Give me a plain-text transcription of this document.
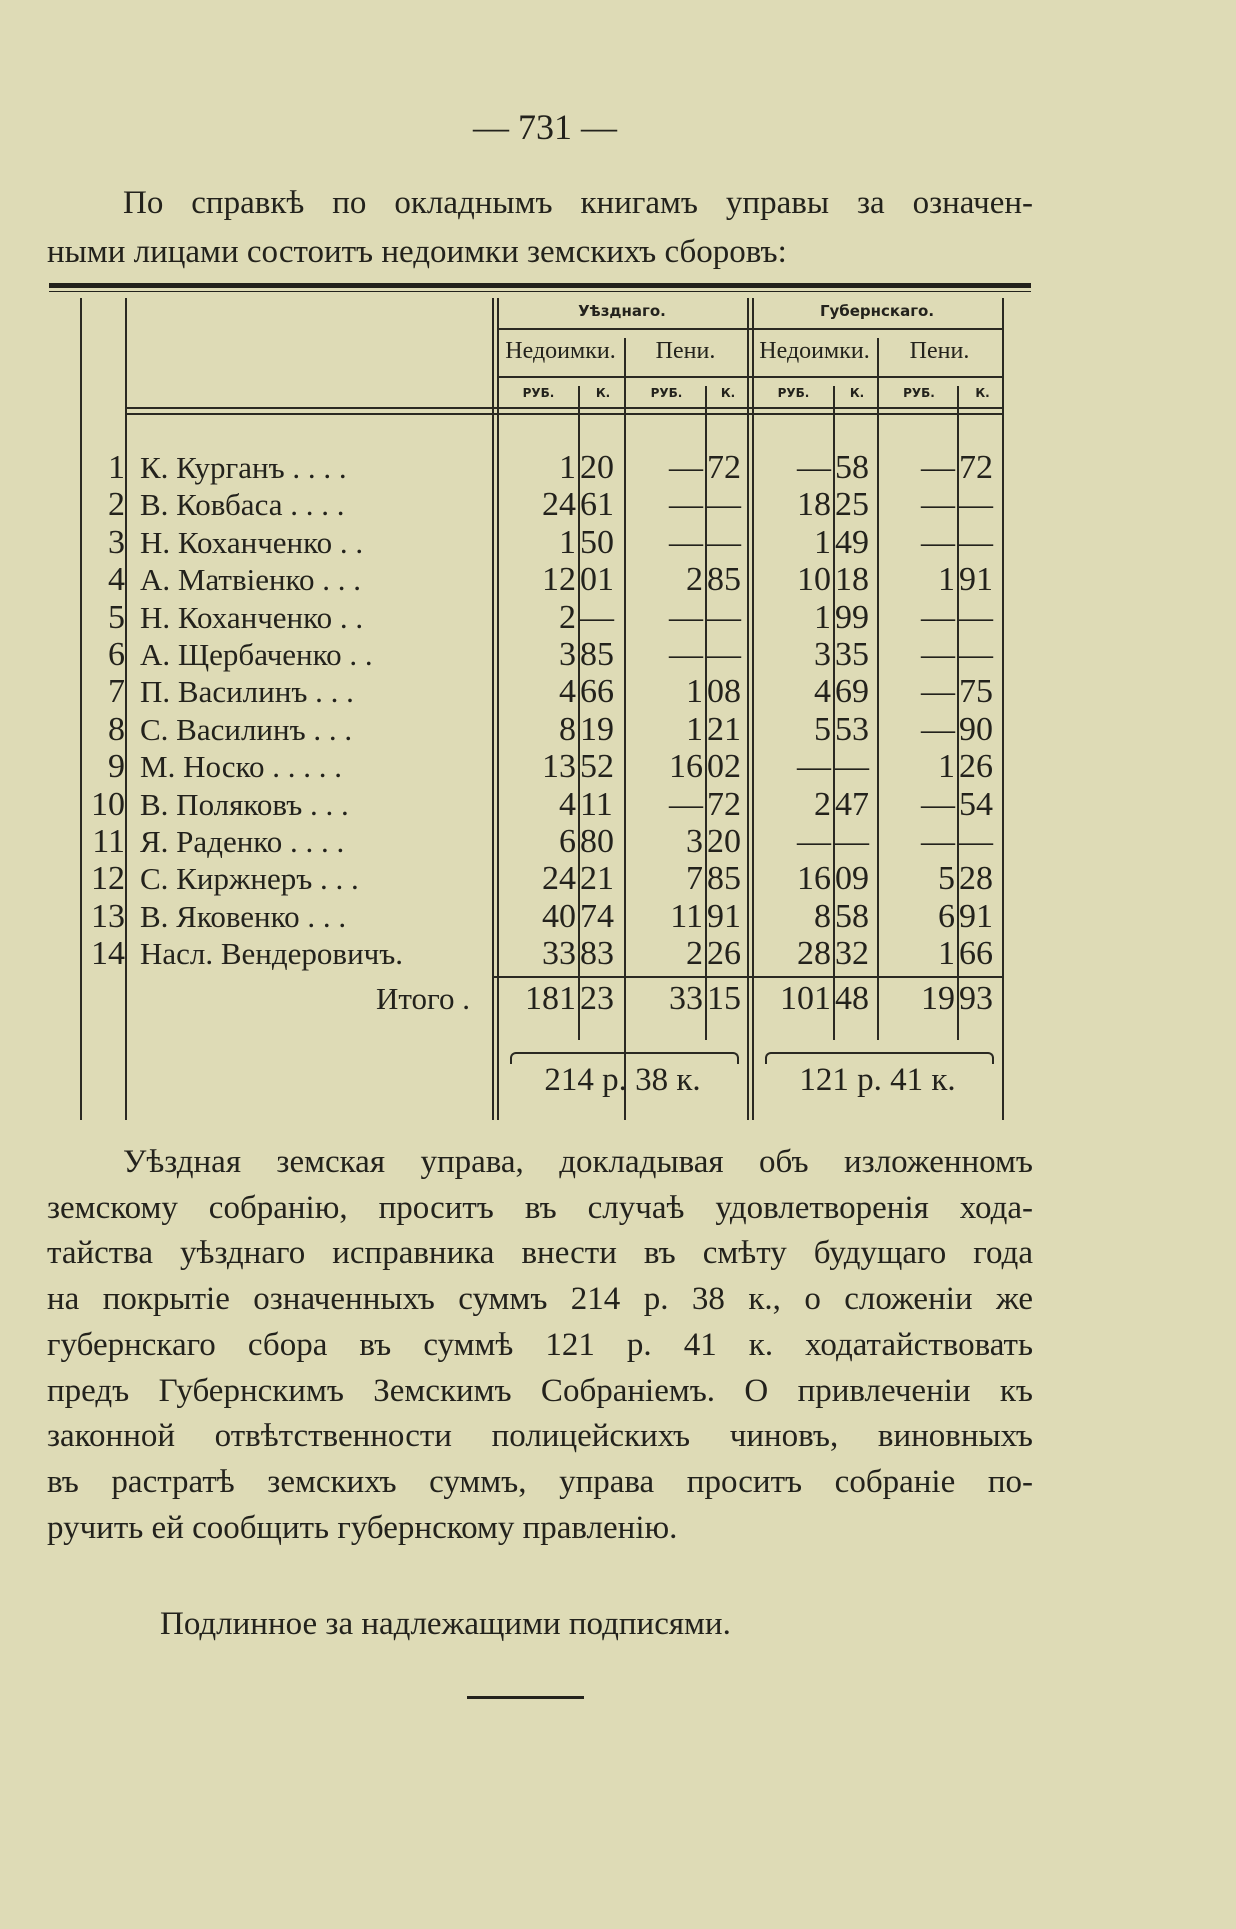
— 731 —
По справкѣ по окладнымъ книгамъ управы за означен-
ными лицами состоитъ недоимки земскихъ сборовъ:
Уѣзднаго.	Губернскаго.
Недоимки.	Пени.	Недоимки.	Пени.
РУБ.	К.	РУБ.	К.	РУБ.	К.	РУБ.	К.
1 К. Курганъ . . . .	1 20	— 72	— 58	— 72
2 В. Ковбаса . . . .	24 61	— —	18 25	— —
3 Н. Коханченко . .	1 50	— —	1 49	— —
4 А. Матвiенко . . .	12 01	2 85	10 18	1 91
5 Н. Коханченко . .	2 —	— —	1 99	— —
6 А. Щербаченко . .	3 85	— —	3 35	— —
7 П. Василинъ . . .	4 66	1 08	4 69	— 75
8 С. Василинъ . . .	8 19	1 21	5 53	— 90
9 М. Носко . . . . .	13 52	16 02	— —	1 26
10 В. Поляковъ . . .	4 11	— 72	2 47	— 54
11 Я. Раденко . . . .	6 80	3 20	— —	— —
12 С. Киржнеръ . . .	24 21	7 85	16 09	5 28
13 В. Яковенко . . .	40 74	11 91	8 58	6 91
14 Насл. Вендеровичъ.	33 83	2 26	28 32	1 66
Итого .	181 23	33 15	101 48	19 93
214 р. 38 к.	121 р. 41 к.
Уѣздная земская управа, докладывая объ изложенномъ
земскому собранiю, проситъ въ случаѣ удовлетворенiя хода-
тайства уѣзднаго исправника внести въ смѣту будущаго года
на покрытiе означенныхъ суммъ 214 р. 38 к., о сложенiи же
губернскаго сбора въ суммѣ 121 р. 41 к. ходатайствовать
предъ Губернскимъ Земскимъ Собранiемъ. О привлеченiи къ
законной отвѣтственности полицейскихъ чиновъ, виновныхъ
въ растратѣ земскихъ суммъ, управа проситъ собранiе по-
ручить ей сообщить губернскому правленiю.
Подлинное за надлежащими подписями.
